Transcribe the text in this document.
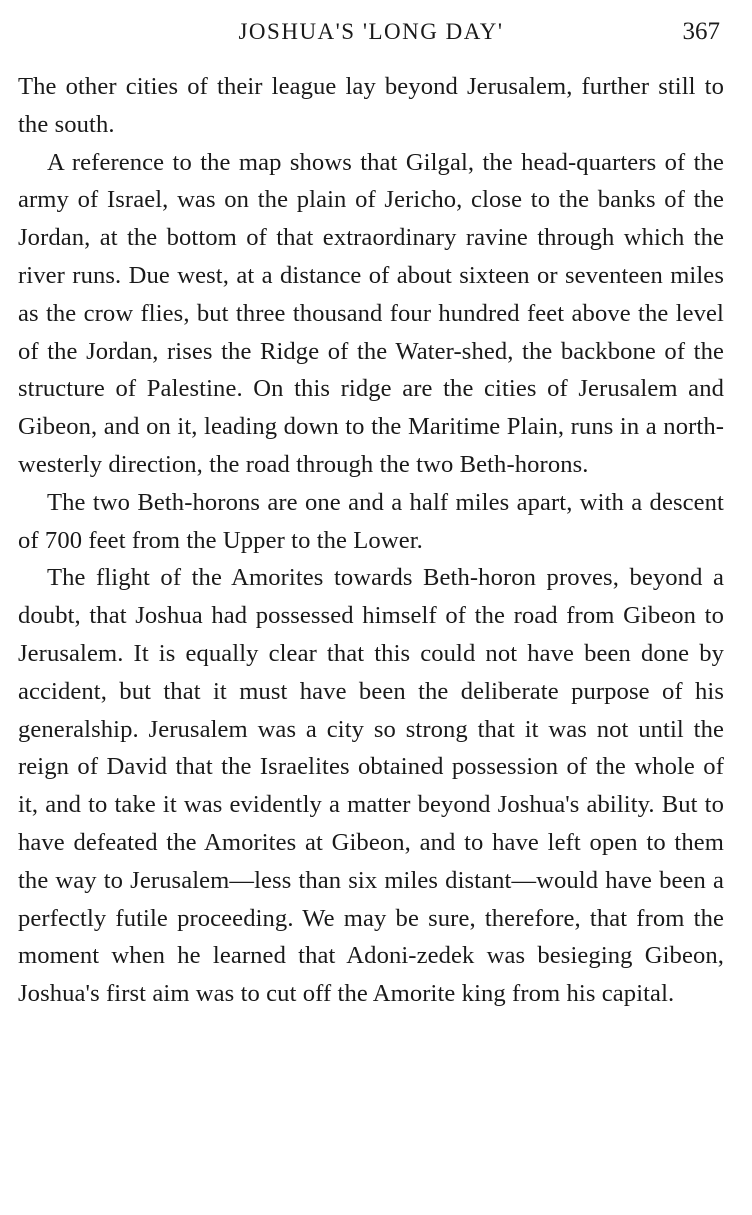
JOSHUA'S 'LONG DAY'	367

The other cities of their league lay beyond Jerusalem, further still to the south.

A reference to the map shows that Gilgal, the head-quarters of the army of Israel, was on the plain of Jericho, close to the banks of the Jordan, at the bottom of that extraordinary ravine through which the river runs. Due west, at a distance of about sixteen or seventeen miles as the crow flies, but three thousand four hundred feet above the level of the Jordan, rises the Ridge of the Water-shed, the backbone of the structure of Palestine. On this ridge are the cities of Jerusalem and Gibeon, and on it, leading down to the Maritime Plain, runs in a north-westerly direction, the road through the two Beth-horons.

The two Beth-horons are one and a half miles apart, with a descent of 700 feet from the Upper to the Lower.

The flight of the Amorites towards Beth-horon proves, beyond a doubt, that Joshua had possessed himself of the road from Gibeon to Jerusalem. It is equally clear that this could not have been done by accident, but that it must have been the deliberate purpose of his generalship. Jerusalem was a city so strong that it was not until the reign of David that the Israelites obtained possession of the whole of it, and to take it was evidently a matter beyond Joshua's ability. But to have defeated the Amorites at Gibeon, and to have left open to them the way to Jerusalem—less than six miles distant—would have been a perfectly futile proceeding. We may be sure, therefore, that from the moment when he learned that Adoni-zedek was besieging Gibeon, Joshua's first aim was to cut off the Amorite king from his capital.
